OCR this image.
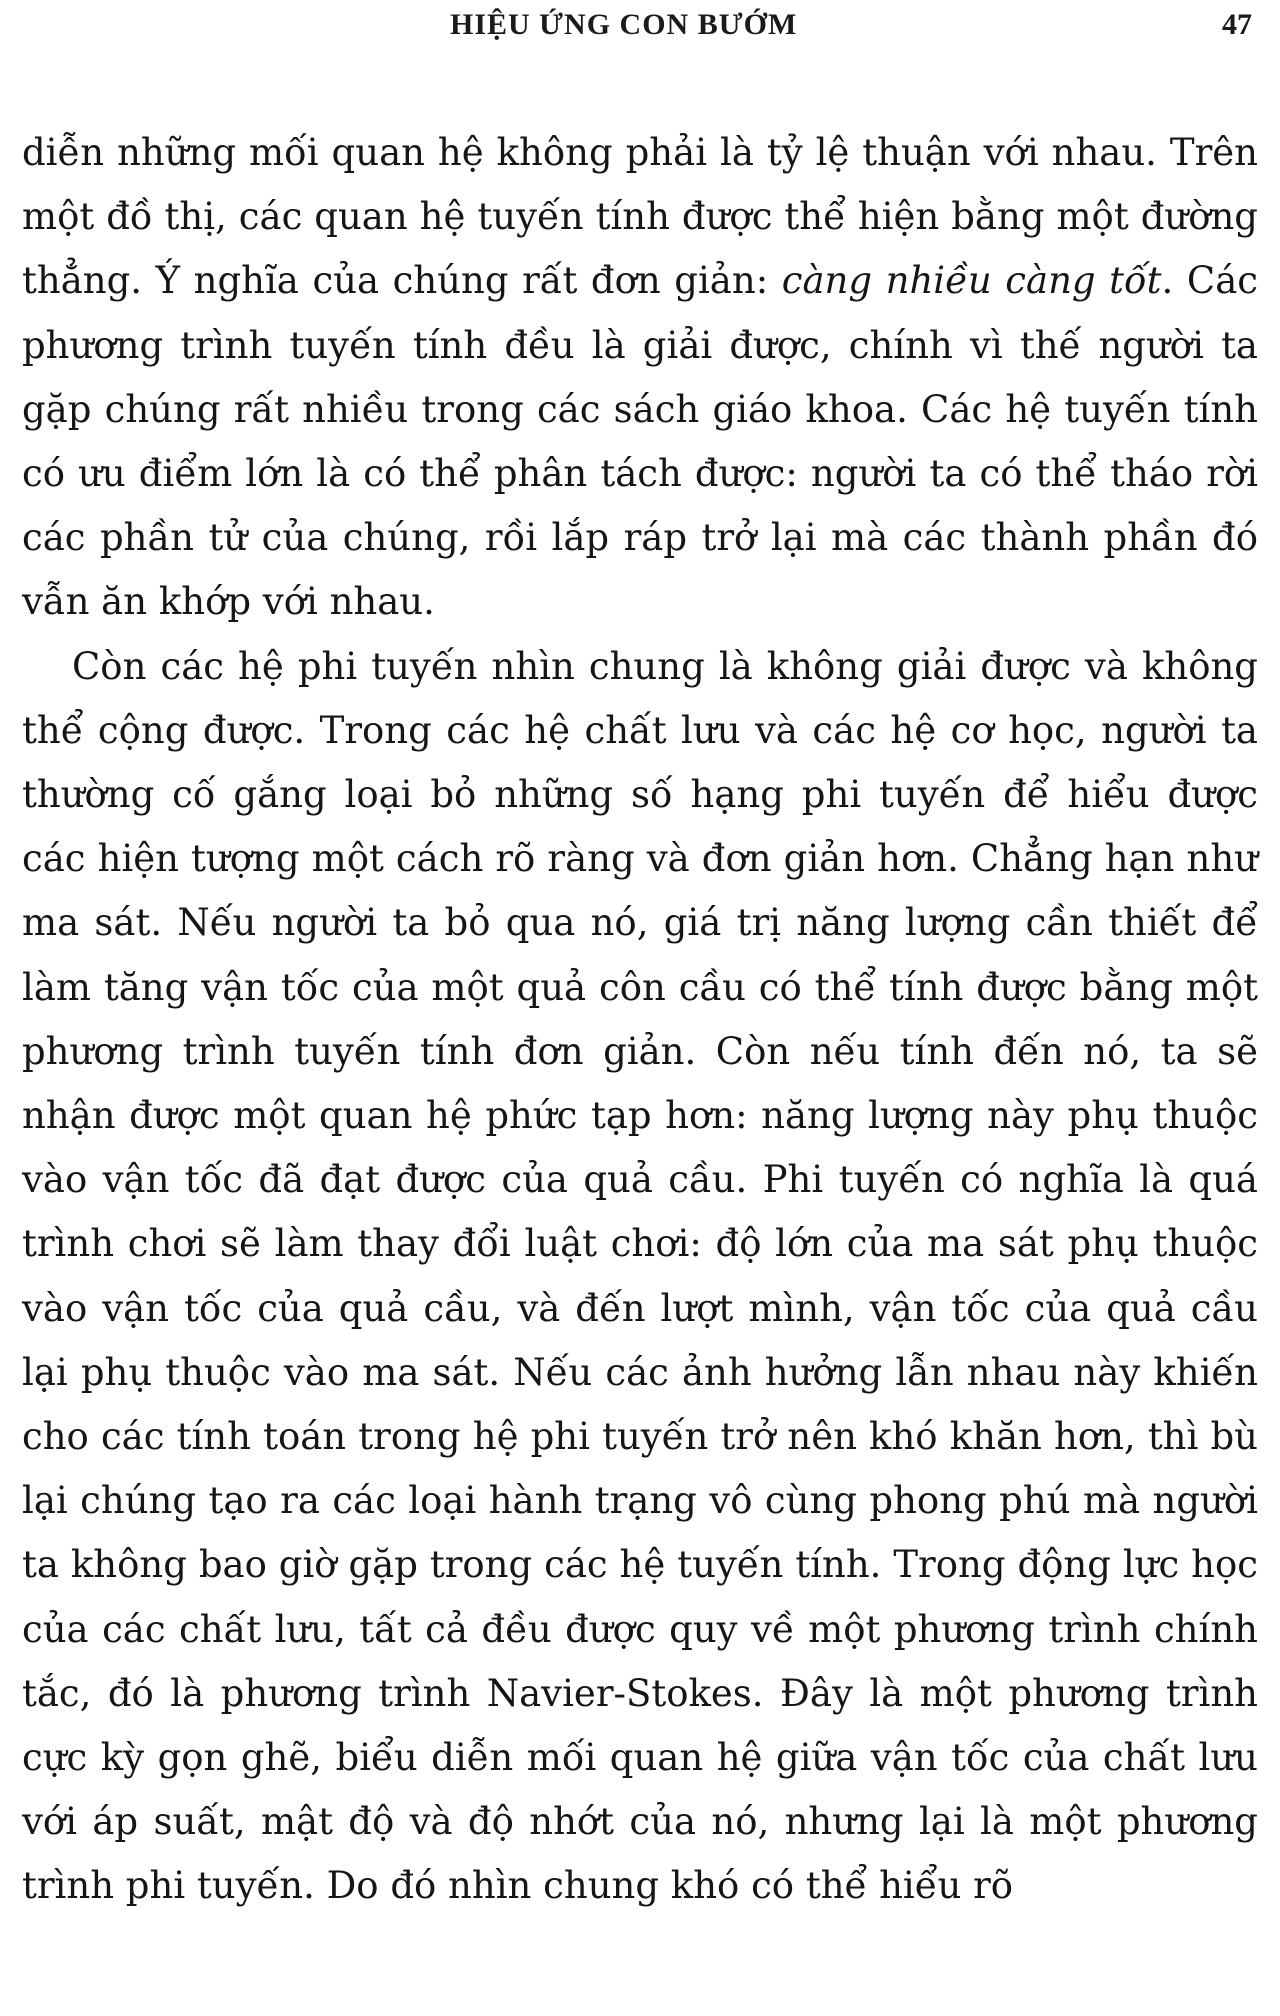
HIỆU ỨNG CON BƯỚM	47

diễn những mối quan hệ không phải là tỷ lệ thuận với nhau. Trên một đồ thị, các quan hệ tuyến tính được thể hiện bằng một đường thẳng. Ý nghĩa của chúng rất đơn giản: càng nhiều càng tốt. Các phương trình tuyến tính đều là giải được, chính vì thế người ta gặp chúng rất nhiều trong các sách giáo khoa. Các hệ tuyến tính có ưu điểm lớn là có thể phân tách được: người ta có thể tháo rời các phần tử của chúng, rồi lắp ráp trở lại mà các thành phần đó vẫn ăn khớp với nhau.

Còn các hệ phi tuyến nhìn chung là không giải được và không thể cộng được. Trong các hệ chất lưu và các hệ cơ học, người ta thường cố gắng loại bỏ những số hạng phi tuyến để hiểu được các hiện tượng một cách rõ ràng và đơn giản hơn. Chẳng hạn như ma sát. Nếu người ta bỏ qua nó, giá trị năng lượng cần thiết để làm tăng vận tốc của một quả côn cầu có thể tính được bằng một phương trình tuyến tính đơn giản. Còn nếu tính đến nó, ta sẽ nhận được một quan hệ phức tạp hơn: năng lượng này phụ thuộc vào vận tốc đã đạt được của quả cầu. Phi tuyến có nghĩa là quá trình chơi sẽ làm thay đổi luật chơi: độ lớn của ma sát phụ thuộc vào vận tốc của quả cầu, và đến lượt mình, vận tốc của quả cầu lại phụ thuộc vào ma sát. Nếu các ảnh hưởng lẫn nhau này khiến cho các tính toán trong hệ phi tuyến trở nên khó khăn hơn, thì bù lại chúng tạo ra các loại hành trạng vô cùng phong phú mà người ta không bao giờ gặp trong các hệ tuyến tính. Trong động lực học của các chất lưu, tất cả đều được quy về một phương trình chính tắc, đó là phương trình Navier-Stokes. Đây là một phương trình cực kỳ gọn ghẽ, biểu diễn mối quan hệ giữa vận tốc của chất lưu với áp suất, mật độ và độ nhớt của nó, nhưng lại là một phương trình phi tuyến. Do đó nhìn chung khó có thể hiểu rõ
